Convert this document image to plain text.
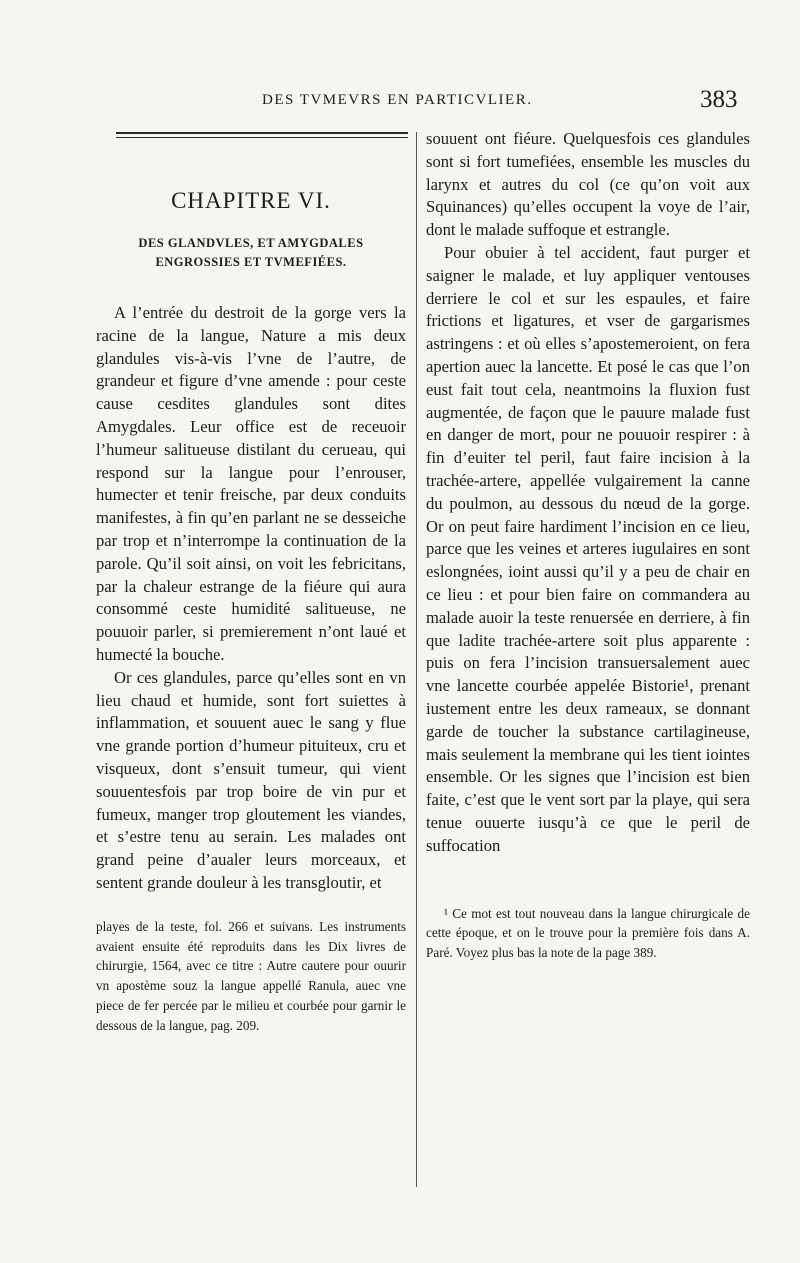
DES TVMEVRS EN PARTICVLIER.	383
CHAPITRE VI.
DES GLANDVLES, ET AMYGDALES ENGROSSIES ET TVMEFIÉES.

A l’entrée du destroit de la gorge vers la racine de la langue, Nature a mis deux glandules vis-à-vis l’vne de l’autre, de grandeur et figure d’vne amende : pour ceste cause cesdites glandules sont dites Amygdales. Leur office est de receuoir l’humeur salitueuse distilant du cerueau, qui respond sur la langue pour l’enrouser, humecter et tenir freische, par deux conduits manifestes, à fin qu’en parlant ne se desseiche par trop et n’interrompe la continuation de la parole. Qu’il soit ainsi, on voit les febricitans, par la chaleur estrange de la fiéure qui aura consommé ceste humidité salitueuse, ne pouuoir parler, si premierement n’ont laué et humecté la bouche.

Or ces glandules, parce qu’elles sont en vn lieu chaud et humide, sont fort suiettes à inflammation, et souuent auec le sang y flue vne grande portion d’humeur pituiteux, cru et visqueux, dont s’ensuit tumeur, qui vient souuentesfois par trop boire de vin pur et fumeux, manger trop gloutement les viandes, et s’estre tenu au serain. Les malades ont grand peine d’aualer leurs morceaux, et sentent grande douleur à les transgloutir, et

playes de la teste, fol. 266 et suivans. Les instruments avaient ensuite été reproduits dans les Dix livres de chirurgie, 1564, avec ce titre : Autre cautere pour ouurir vn apostème souz la langue appellé Ranula, auec vne piece de fer percée par le milieu et courbée pour garnir le dessous de la langue, pag. 209.

souuent ont fiéure. Quelquesfois ces glandules sont si fort tumefiées, ensemble les muscles du larynx et autres du col (ce qu’on voit aux Squinances) qu’elles occupent la voye de l’air, dont le malade suffoque et estrangle.

Pour obuier à tel accident, faut purger et saigner le malade, et luy appliquer ventouses derriere le col et sur les espaules, et faire frictions et ligatures, et vser de gargarismes astringens : et où elles s’apostemeroient, on fera apertion auec la lancette. Et posé le cas que l’on eust fait tout cela, neantmoins la fluxion fust augmentée, de façon que le pauure malade fust en danger de mort, pour ne pouuoir respirer : à fin d’euiter tel peril, faut faire incision à la trachée-artere, appellée vulgairement la canne du poulmon, au dessous du nœud de la gorge. Or on peut faire hardiment l’incision en ce lieu, parce que les veines et arteres iugulaires en sont eslongnées, ioint aussi qu’il y a peu de chair en ce lieu : et pour bien faire on commandera au malade auoir la teste renuersée en derriere, à fin que ladite trachée-artere soit plus apparente : puis on fera l’incision transuersalement auec vne lancette courbée appelée Bistorie¹, prenant iustement entre les deux rameaux, se donnant garde de toucher la substance cartilagineuse, mais seulement la membrane qui les tient iointes ensemble. Or les signes que l’incision est bien faite, c’est que le vent sort par la playe, qui sera tenue ouuerte iusqu’à ce que le peril de suffocation

¹ Ce mot est tout nouveau dans la langue chirurgicale de cette époque, et on le trouve pour la première fois dans A. Paré. Voyez plus bas la note de la page 389.
